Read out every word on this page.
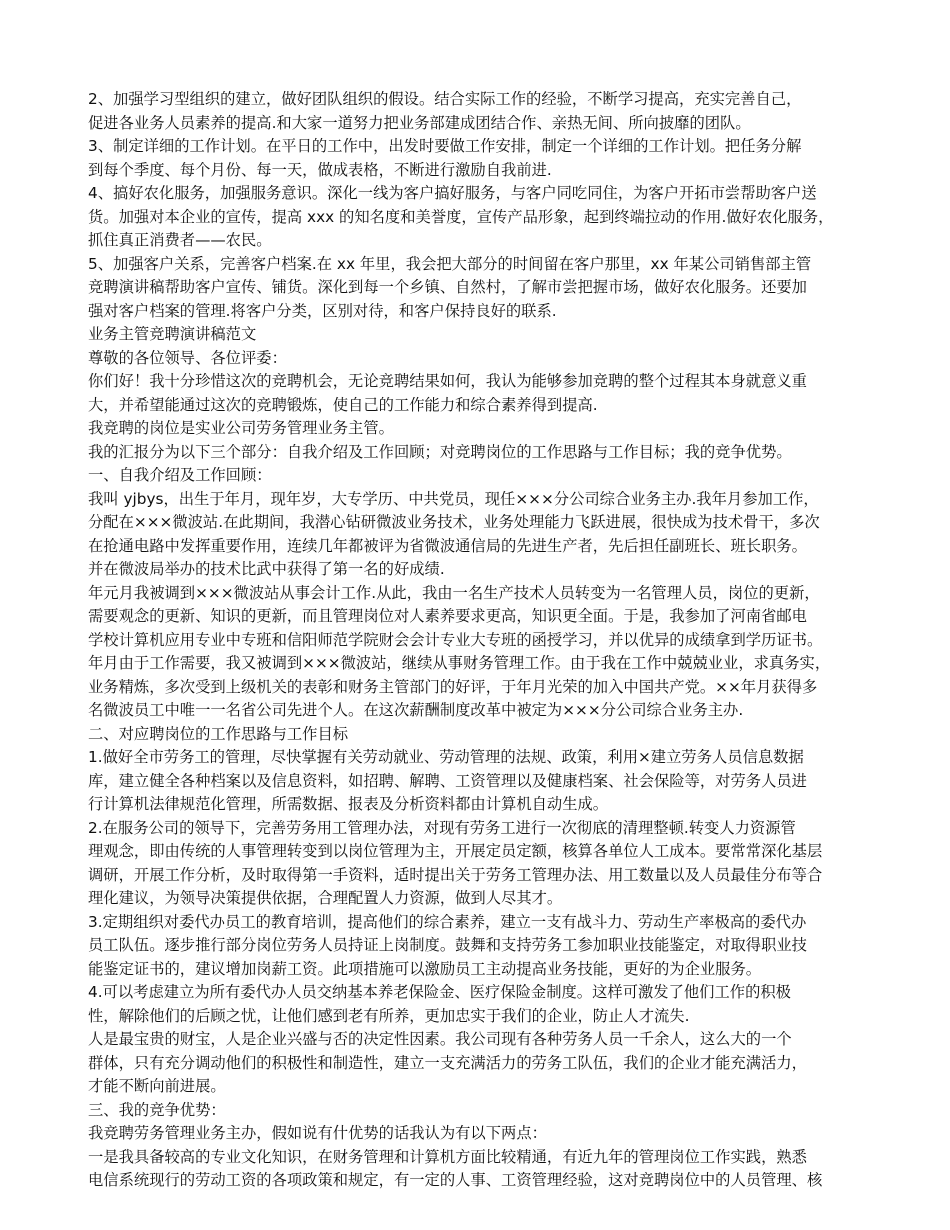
2、加强学习型组织的建立，做好团队组织的假设。结合实际工作的经验，不断学习提高，充实完善自己，

促进各业务人员素养的提高.和大家一道努力把业务部建成团结合作、亲热无间、所向披靡的团队。

3、制定详细的工作计划。在平日的工作中，出发时要做工作安排，制定一个详细的工作计划。把任务分解

到每个季度、每个月份、每一天，做成表格，不断进行激励自我前进.

4、搞好农化服务，加强服务意识。深化一线为客户搞好服务，与客户同吃同住，为客户开拓市尝帮助客户送

货。加强对本企业的宣传，提高 xxx 的知名度和美誉度，宣传产品形象，起到终端拉动的作用.做好农化服务，

抓住真正消费者——农民。

5、加强客户关系，完善客户档案.在 xx 年里，我会把大部分的时间留在客户那里，xx 年某公司销售部主管

竞聘演讲稿帮助客户宣传、铺货。深化到每一个乡镇、自然村，了解市尝把握市场，做好农化服务。还要加

强对客户档案的管理.将客户分类，区别对待，和客户保持良好的联系.

业务主管竞聘演讲稿范文

尊敬的各位领导、各位评委：

你们好！我十分珍惜这次的竞聘机会，无论竞聘结果如何，我认为能够参加竞聘的整个过程其本身就意义重

大，并希望能通过这次的竞聘锻炼，使自己的工作能力和综合素养得到提高.

我竞聘的岗位是实业公司劳务管理业务主管。

我的汇报分为以下三个部分：自我介绍及工作回顾；对竞聘岗位的工作思路与工作目标；我的竞争优势。

一、自我介绍及工作回顾：

我叫 yjbys，出生于年月，现年岁，大专学历、中共党员，现任×××分公司综合业务主办.我年月参加工作，

分配在×××微波站.在此期间，我潜心钻研微波业务技术，业务处理能力飞跃进展，很快成为技术骨干，多次

在抢通电路中发挥重要作用，连续几年都被评为省微波通信局的先进生产者，先后担任副班长、班长职务。

并在微波局举办的技术比武中获得了第一名的好成绩.

年元月我被调到×××微波站从事会计工作.从此，我由一名生产技术人员转变为一名管理人员，岗位的更新，

需要观念的更新、知识的更新，而且管理岗位对人素养要求更高，知识更全面。于是，我参加了河南省邮电

学校计算机应用专业中专班和信阳师范学院财会会计专业大专班的函授学习，并以优异的成绩拿到学历证书。

年月由于工作需要，我又被调到×××微波站，继续从事财务管理工作。由于我在工作中兢兢业业，求真务实，

业务精炼，多次受到上级机关的表彰和财务主管部门的好评，于年月光荣的加入中国共产党。××年月获得多

名微波员工中唯一一名省公司先进个人。在这次薪酬制度改革中被定为×××分公司综合业务主办.

二、对应聘岗位的工作思路与工作目标

1.做好全市劳务工的管理，尽快掌握有关劳动就业、劳动管理的法规、政策，利用×建立劳务人员信息数据

库，建立健全各种档案以及信息资料，如招聘、解聘、工资管理以及健康档案、社会保险等，对劳务人员进

行计算机法律规范化管理，所需数据、报表及分析资料都由计算机自动生成。

2.在服务公司的领导下，完善劳务用工管理办法，对现有劳务工进行一次彻底的清理整顿.转变人力资源管

理观念，即由传统的人事管理转变到以岗位管理为主，开展定员定额，核算各单位人工成本。要常常深化基层

调研，开展工作分析，及时取得第一手资料，适时提出关于劳务工管理办法、用工数量以及人员最佳分布等合

理化建议，为领导决策提供依据，合理配置人力资源，做到人尽其才。

3.定期组织对委代办员工的教育培训，提高他们的综合素养，建立一支有战斗力、劳动生产率极高的委代办

员工队伍。逐步推行部分岗位劳务人员持证上岗制度。鼓舞和支持劳务工参加职业技能鉴定，对取得职业技

能鉴定证书的，建议增加岗薪工资。此项措施可以激励员工主动提高业务技能，更好的为企业服务。

4.可以考虑建立为所有委代办人员交纳基本养老保险金、医疗保险金制度。这样可激发了他们工作的积极

性，解除他们的后顾之忧，让他们感到老有所养，更加忠实于我们的企业，防止人才流失.

人是最宝贵的财宝，人是企业兴盛与否的决定性因素。我公司现有各种劳务人员一千余人，这么大的一个

群体，只有充分调动他们的积极性和制造性，建立一支充满活力的劳务工队伍，我们的企业才能充满活力，

才能不断向前进展。

三、我的竞争优势：

我竞聘劳务管理业务主办，假如说有什优势的话我认为有以下两点：

一是我具备较高的专业文化知识，在财务管理和计算机方面比较精通，有近九年的管理岗位工作实践，熟悉

电信系统现行的劳动工资的各项政策和规定，有一定的人事、工资管理经验，这对竞聘岗位中的人员管理、核
